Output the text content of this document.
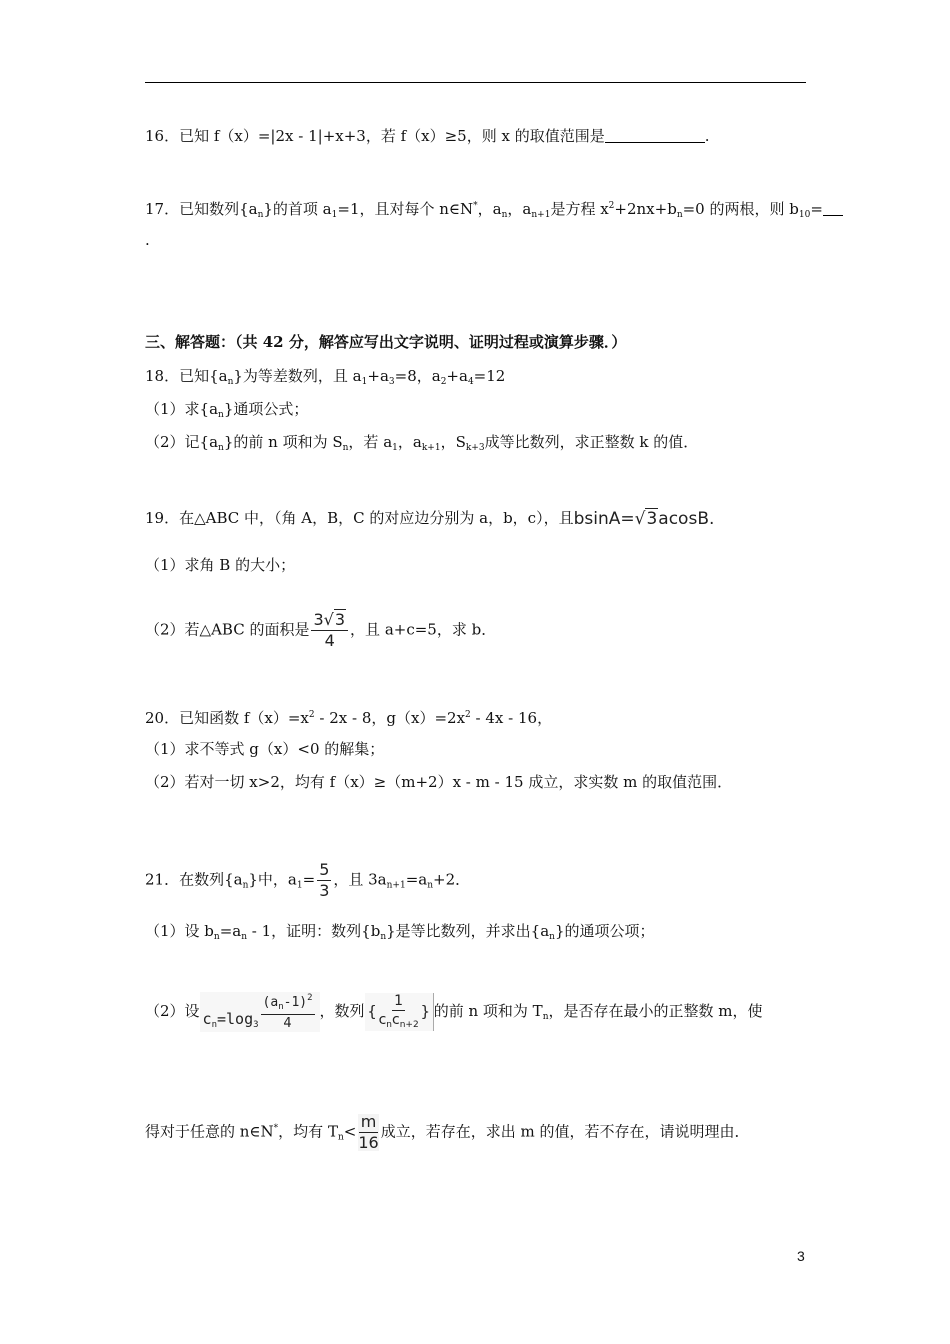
16．已知 f（x）=|2x - 1|+x+3，若 f（x）≥5，则 x 的取值范围是	.
17．已知数列$\{a_n\}$的首项 $a_1=1$，且对每个 n∈N*，$a_n$，$a_{n+1}$是方程 $x^2+2nx+b_n=0$ 的两根，则 $b_{10}=$
.
三、解答题：（共 42 分，解答应写出文字说明、证明过程或演算步骤．）
18．已知$\{a_n\}$为等差数列，且 $a_1+a_3=8$，$a_2+a_4=12$
（1）求$\{a_n\}$通项公式；
（2）记$\{a_n\}$的前 n 项和为 $S_n$，若 $a_1$，$a_{k+1}$，$S_{k+3}$成等比数列，求正整数 k 的值．
19．在△ABC 中，（角 A，B，C 的对应边分别为 a，b，c），且bsinA=√3acosB.
（1）求角 B 的大小；
（2）若△ABC 的面积是 $\frac{3√3}{4}$ ，且 a+c=5，求 b．
20．已知函数 $f(x)=x^2 - 2x - 8$，$g(x)=2x^2 - 4x - 16$，
（1）求不等式 g（x）<0 的解集；
（2）若对一切 x>2，均有 f（x）≥（m+2）x - m - 15 成立，求实数 m 的取值范围．
21．在数列$\{a_n\}$中，$a_1= \frac{5}{3}$ ，且 $3a_{n+1}=a_n+2$．
（1）设 $b_n=a_n - 1$，证明：数列$\{b_n\}$是等比数列，并求出$\{a_n\}$的通项公项；
（2）设 $c_n=\log_3 \frac{(a_n-1)^2}{4}$ ，数列 { $\frac{1}{c_nc_{n+2}}$ } 的前 n 项和为 $T_n$，是否存在最小的正整数 m，使
得对于任意的 n∈N*，均有 $T_n< \frac{m}{16}$ 成立，若存在，求出 m 的值，若不存在，请说明理由．
3
